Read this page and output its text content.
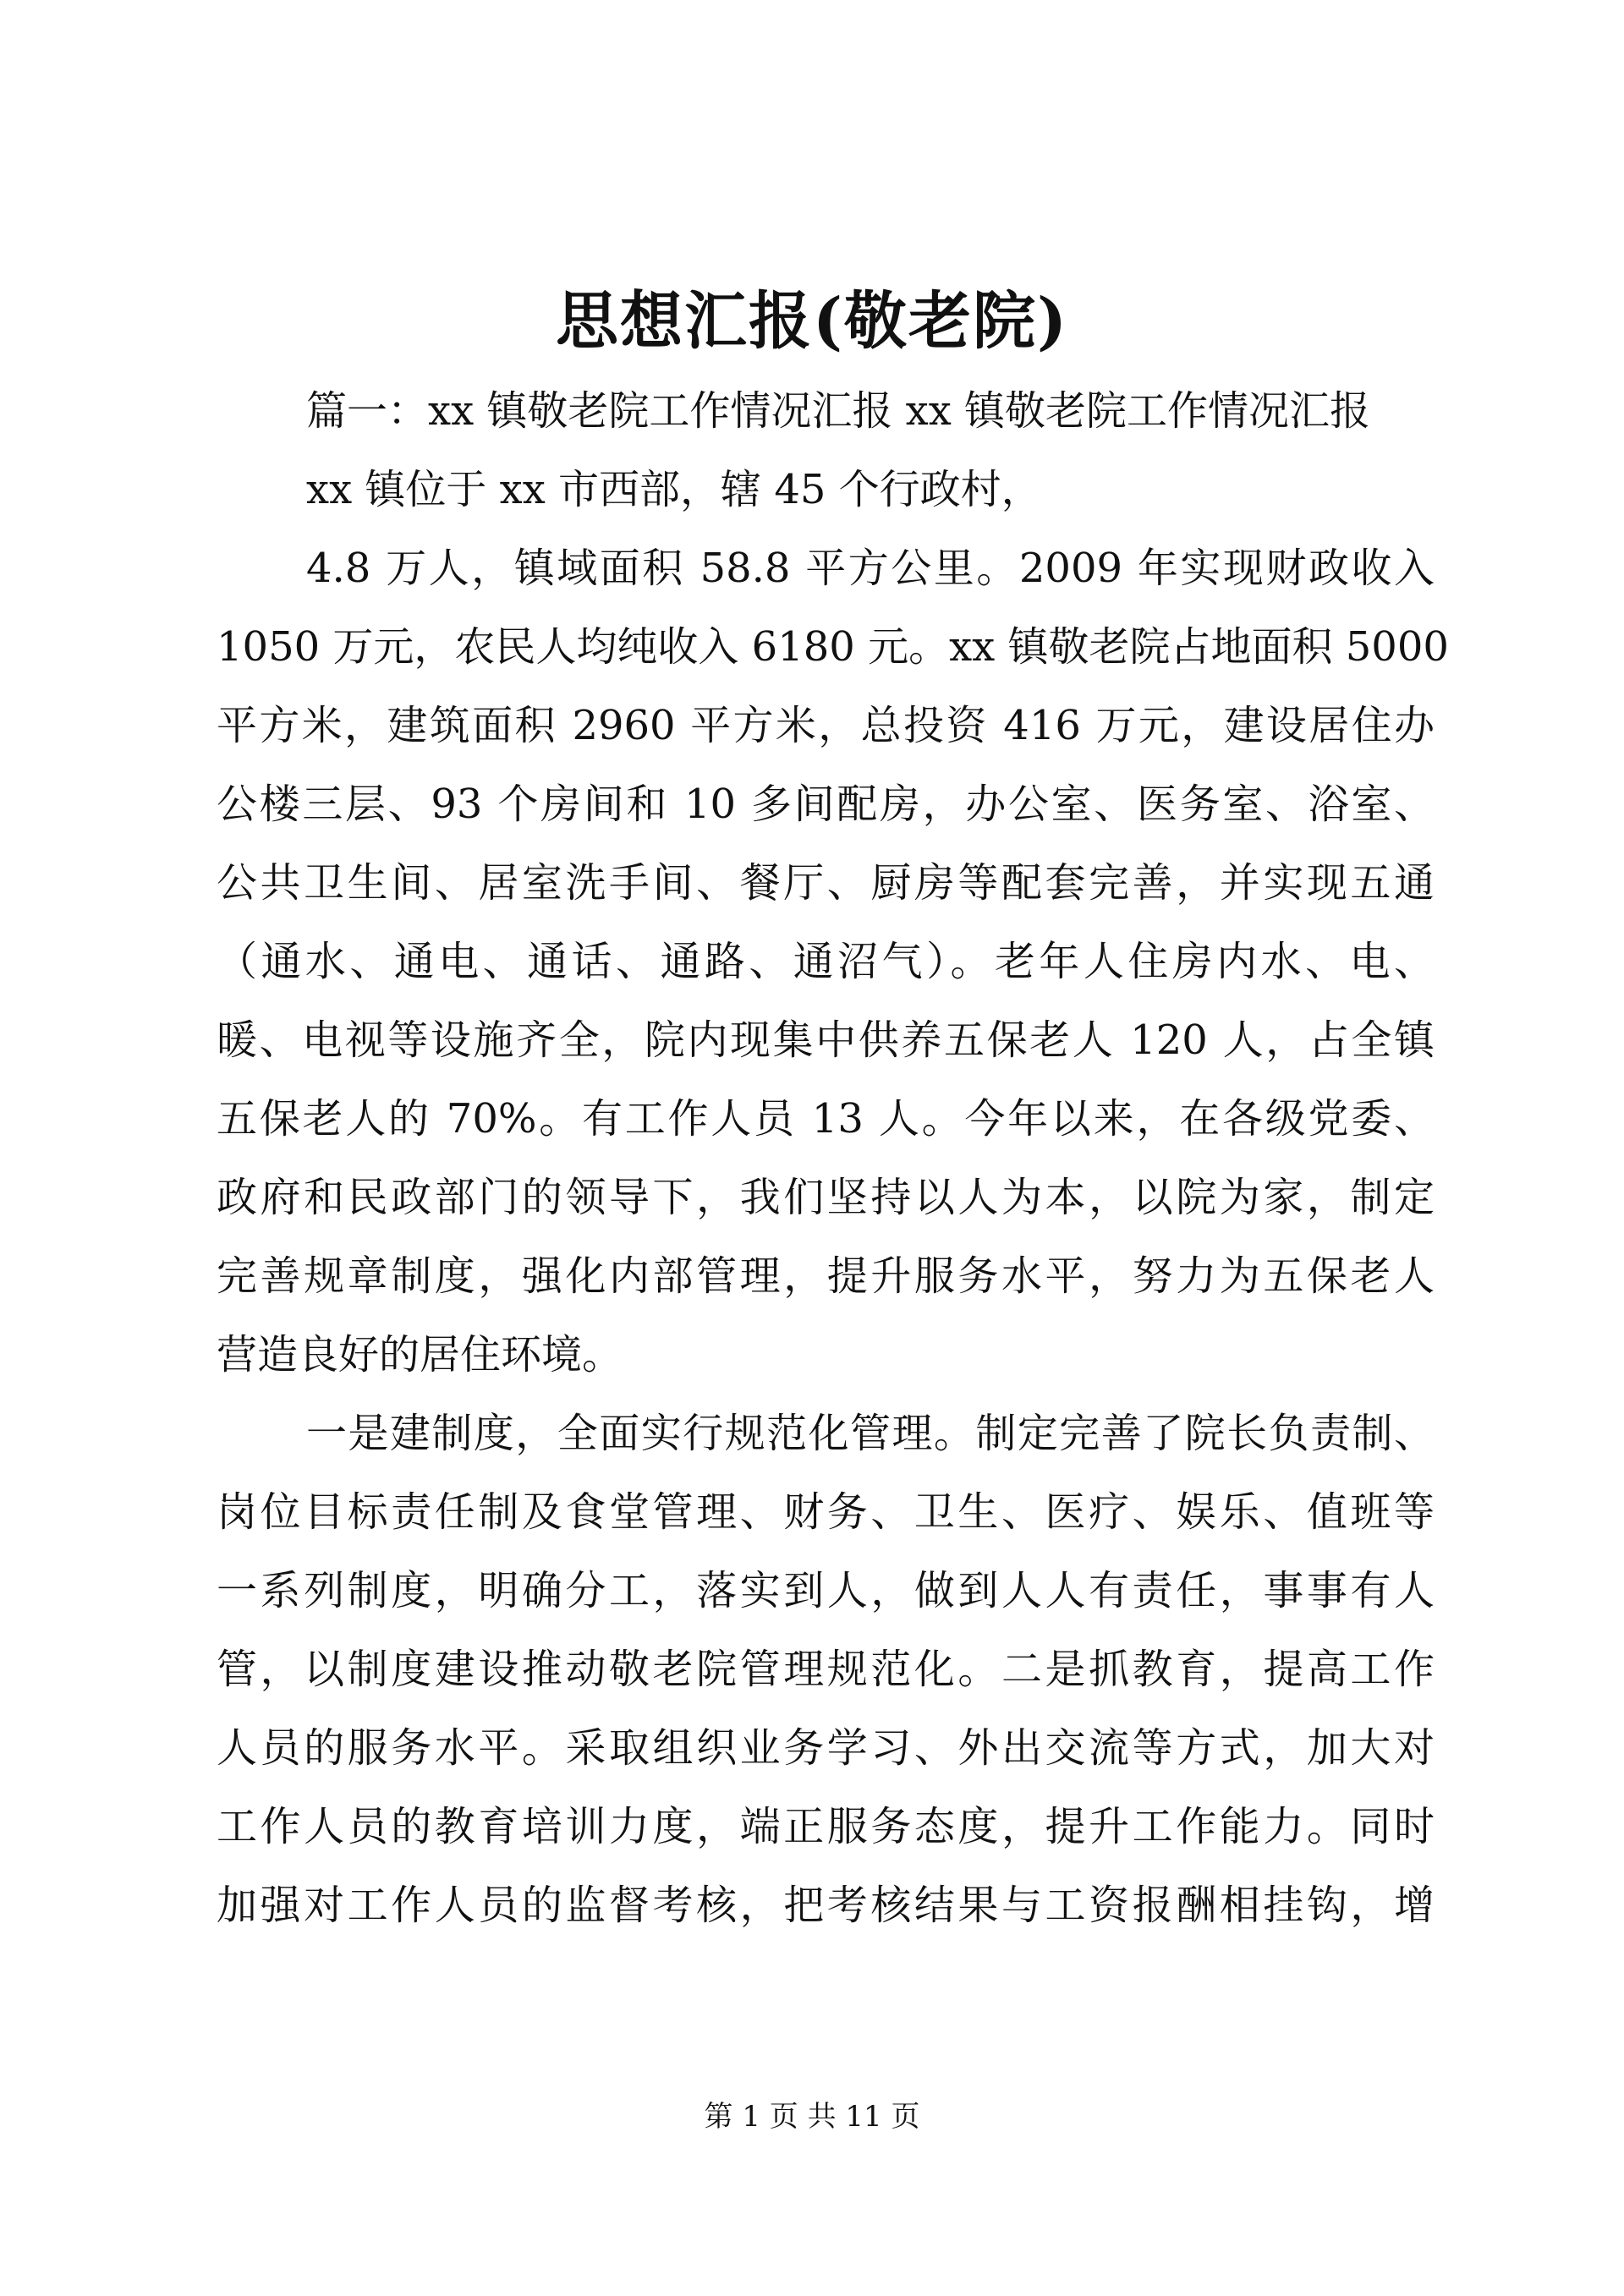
思想汇报(敬老院)
篇一：xx 镇敬老院工作情况汇报 xx 镇敬老院工作情况汇报
xx 镇位于 xx 市西部，辖 45 个行政村，
4.8 万人，镇域面积 58.8 平方公里。2009 年实现财政收入
1050 万元，农民人均纯收入 6180 元。xx 镇敬老院占地面积 5000
平方米，建筑面积 2960 平方米，总投资 416 万元，建设居住办
公楼三层、93 个房间和 10 多间配房，办公室、医务室、浴室、
公共卫生间、居室洗手间、餐厅、厨房等配套完善，并实现五通
（通水、通电、通话、通路、通沼气）。老年人住房内水、电、
暖、电视等设施齐全，院内现集中供养五保老人 120 人，占全镇
五保老人的 70%。有工作人员 13 人。今年以来，在各级党委、
政府和民政部门的领导下，我们坚持以人为本，以院为家，制定
完善规章制度，强化内部管理，提升服务水平，努力为五保老人
营造良好的居住环境。
一是建制度，全面实行规范化管理。制定完善了院长负责制、
岗位目标责任制及食堂管理、财务、卫生、医疗、娱乐、值班等
一系列制度，明确分工，落实到人，做到人人有责任，事事有人
管，以制度建设推动敬老院管理规范化。二是抓教育，提高工作
人员的服务水平。采取组织业务学习、外出交流等方式，加大对
工作人员的教育培训力度，端正服务态度，提升工作能力。同时
加强对工作人员的监督考核，把考核结果与工资报酬相挂钩，增
第 1 页 共 11 页
